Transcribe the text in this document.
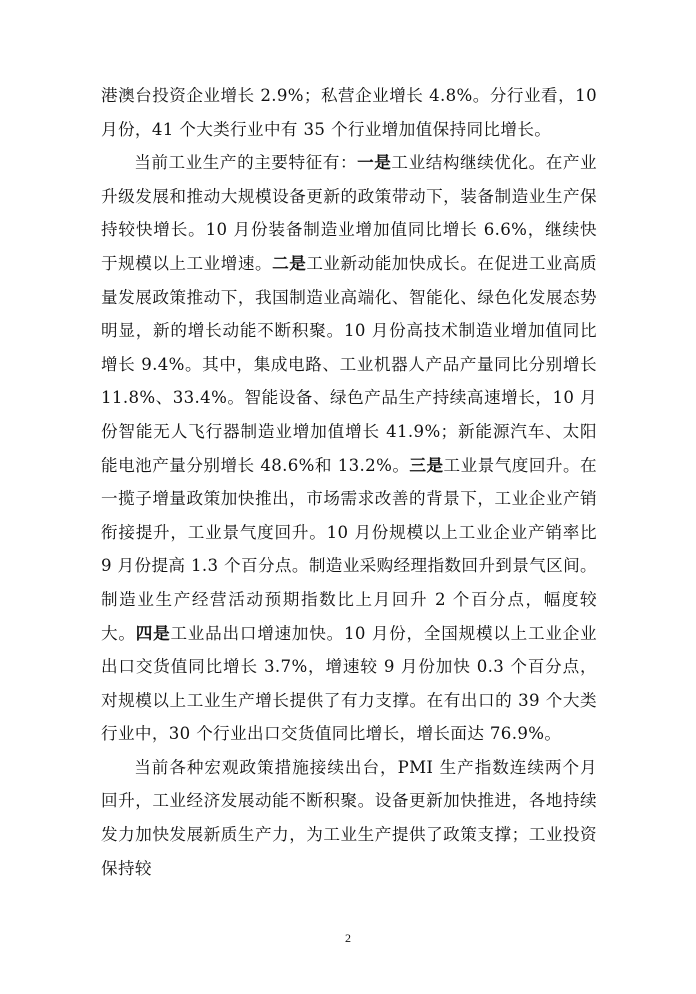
港澳台投资企业增长 2.9%；私营企业增长 4.8%。分行业看，10 月份，41 个大类行业中有 35 个行业增加值保持同比增长。

当前工业生产的主要特征有：一是工业结构继续优化。在产业升级发展和推动大规模设备更新的政策带动下，装备制造业生产保持较快增长。10 月份装备制造业增加值同比增长 6.6%，继续快于规模以上工业增速。二是工业新动能加快成长。在促进工业高质量发展政策推动下，我国制造业高端化、智能化、绿色化发展态势明显，新的增长动能不断积聚。10 月份高技术制造业增加值同比增长 9.4%。其中，集成电路、工业机器人产品产量同比分别增长 11.8%、33.4%。智能设备、绿色产品生产持续高速增长，10 月份智能无人飞行器制造业增加值增长 41.9%；新能源汽车、太阳能电池产量分别增长 48.6%和 13.2%。三是工业景气度回升。在一揽子增量政策加快推出，市场需求改善的背景下，工业企业产销衔接提升，工业景气度回升。10 月份规模以上工业企业产销率比 9 月份提高 1.3 个百分点。制造业采购经理指数回升到景气区间。制造业生产经营活动预期指数比上月回升 2 个百分点，幅度较大。四是工业品出口增速加快。10 月份，全国规模以上工业企业出口交货值同比增长 3.7%，增速较 9 月份加快 0.3 个百分点，对规模以上工业生产增长提供了有力支撑。在有出口的 39 个大类行业中，30 个行业出口交货值同比增长，增长面达 76.9%。

当前各种宏观政策措施接续出台，PMI 生产指数连续两个月回升，工业经济发展动能不断积聚。设备更新加快推进，各地持续发力加快发展新质生产力，为工业生产提供了政策支撑；工业投资保持较

2
